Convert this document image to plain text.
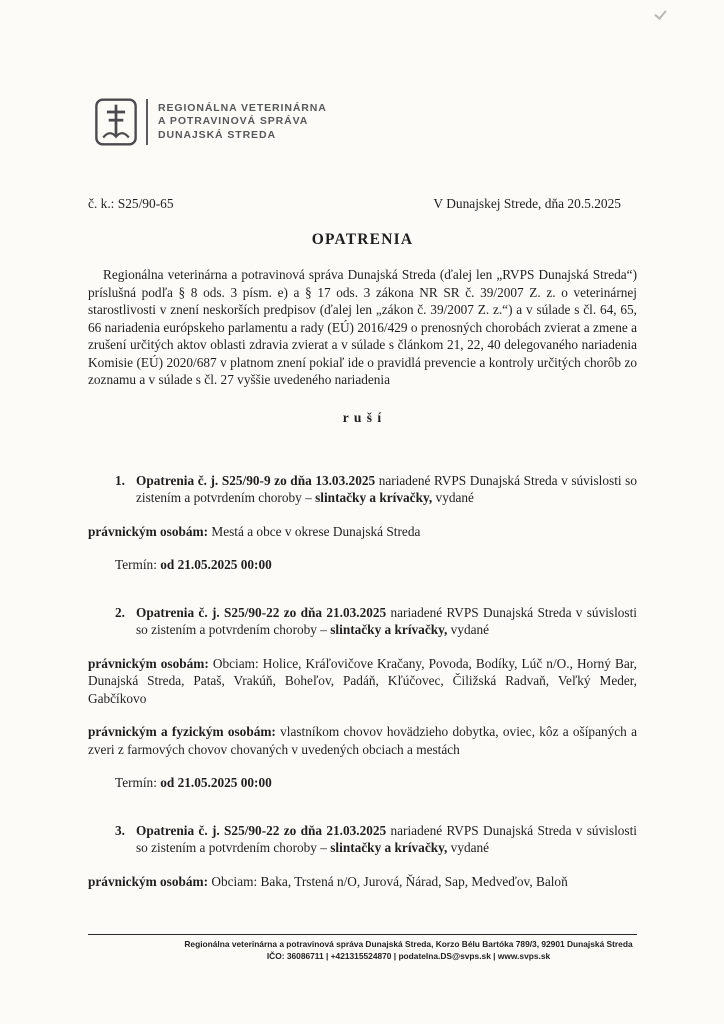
REGIONÁLNA VETERINÁRNA
A POTRAVINOVÁ SPRÁVA
DUNAJSKÁ STREDA
č. k.: S25/90-65	V Dunajskej Strede, dňa 20.5.2025
OPATRENIA

Regionálna veterinárna a potravinová správa Dunajská Streda (ďalej len „RVPS Dunajská Streda“) príslušná podľa § 8 ods. 3 písm. e) a § 17 ods. 3 zákona NR SR č. 39/2007 Z. z. o veterinárnej starostlivosti v znení neskorších predpisov (ďalej len „zákon č. 39/2007 Z. z.“) a v súlade s čl. 64, 65, 66 nariadenia európskeho parlamentu a rady (EÚ) 2016/429 o prenosných chorobách zvierat a zmene a zrušení určitých aktov oblasti zdravia zvierat a v súlade s článkom 21, 22, 40 delegovaného nariadenia Komisie (EÚ) 2020/687 v platnom znení pokiaľ ide o pravidlá prevencie a kontroly určitých chorôb zo zoznamu a v súlade s čl. 27 vyššie uvedeného nariadenia

r u š í
1. Opatrenia č. j. S25/90-9 zo dňa 13.03.2025 nariadené RVPS Dunajská Streda v súvislosti so zistením a potvrdením choroby – slintačky a krívačky, vydané

právnickým osobám: Mestá a obce v okrese Dunajská Streda

Termín: od 21.05.2025 00:00

2. Opatrenia č. j. S25/90-22 zo dňa 21.03.2025 nariadené RVPS Dunajská Streda v súvislosti so zistením a potvrdením choroby – slintačky a krívačky, vydané

právnickým osobám: Obciam: Holice, Kráľovičove Kračany, Povoda, Bodíky, Lúč n/O., Horný Bar, Dunajská Streda, Pataš, Vrakúň, Boheľov, Padáň, Kľúčovec, Čiližská Radvaň, Veľký Meder, Gabčíkovo

právnickým a fyzickým osobám: vlastníkom chovov hovädzieho dobytka, oviec, kôz a ošípaných a zveri z farmových chovov chovaných v uvedených obciach a mestách

Termín: od 21.05.2025 00:00

3. Opatrenia č. j. S25/90-22 zo dňa 21.03.2025 nariadené RVPS Dunajská Streda v súvislosti so zistením a potvrdením choroby – slintačky a krívačky, vydané

právnickým osobám: Obciam: Baka, Trstená n/O, Jurová, Ňárad, Sap, Medveďov, Baloň

Regionálna veterinárna a potravinová správa Dunajská Streda, Korzo Bélu Bartóka 789/3, 92901 Dunajská Streda
IČO: 36086711 | +421315524870 | podatelna.DS@svps.sk | www.svps.sk
